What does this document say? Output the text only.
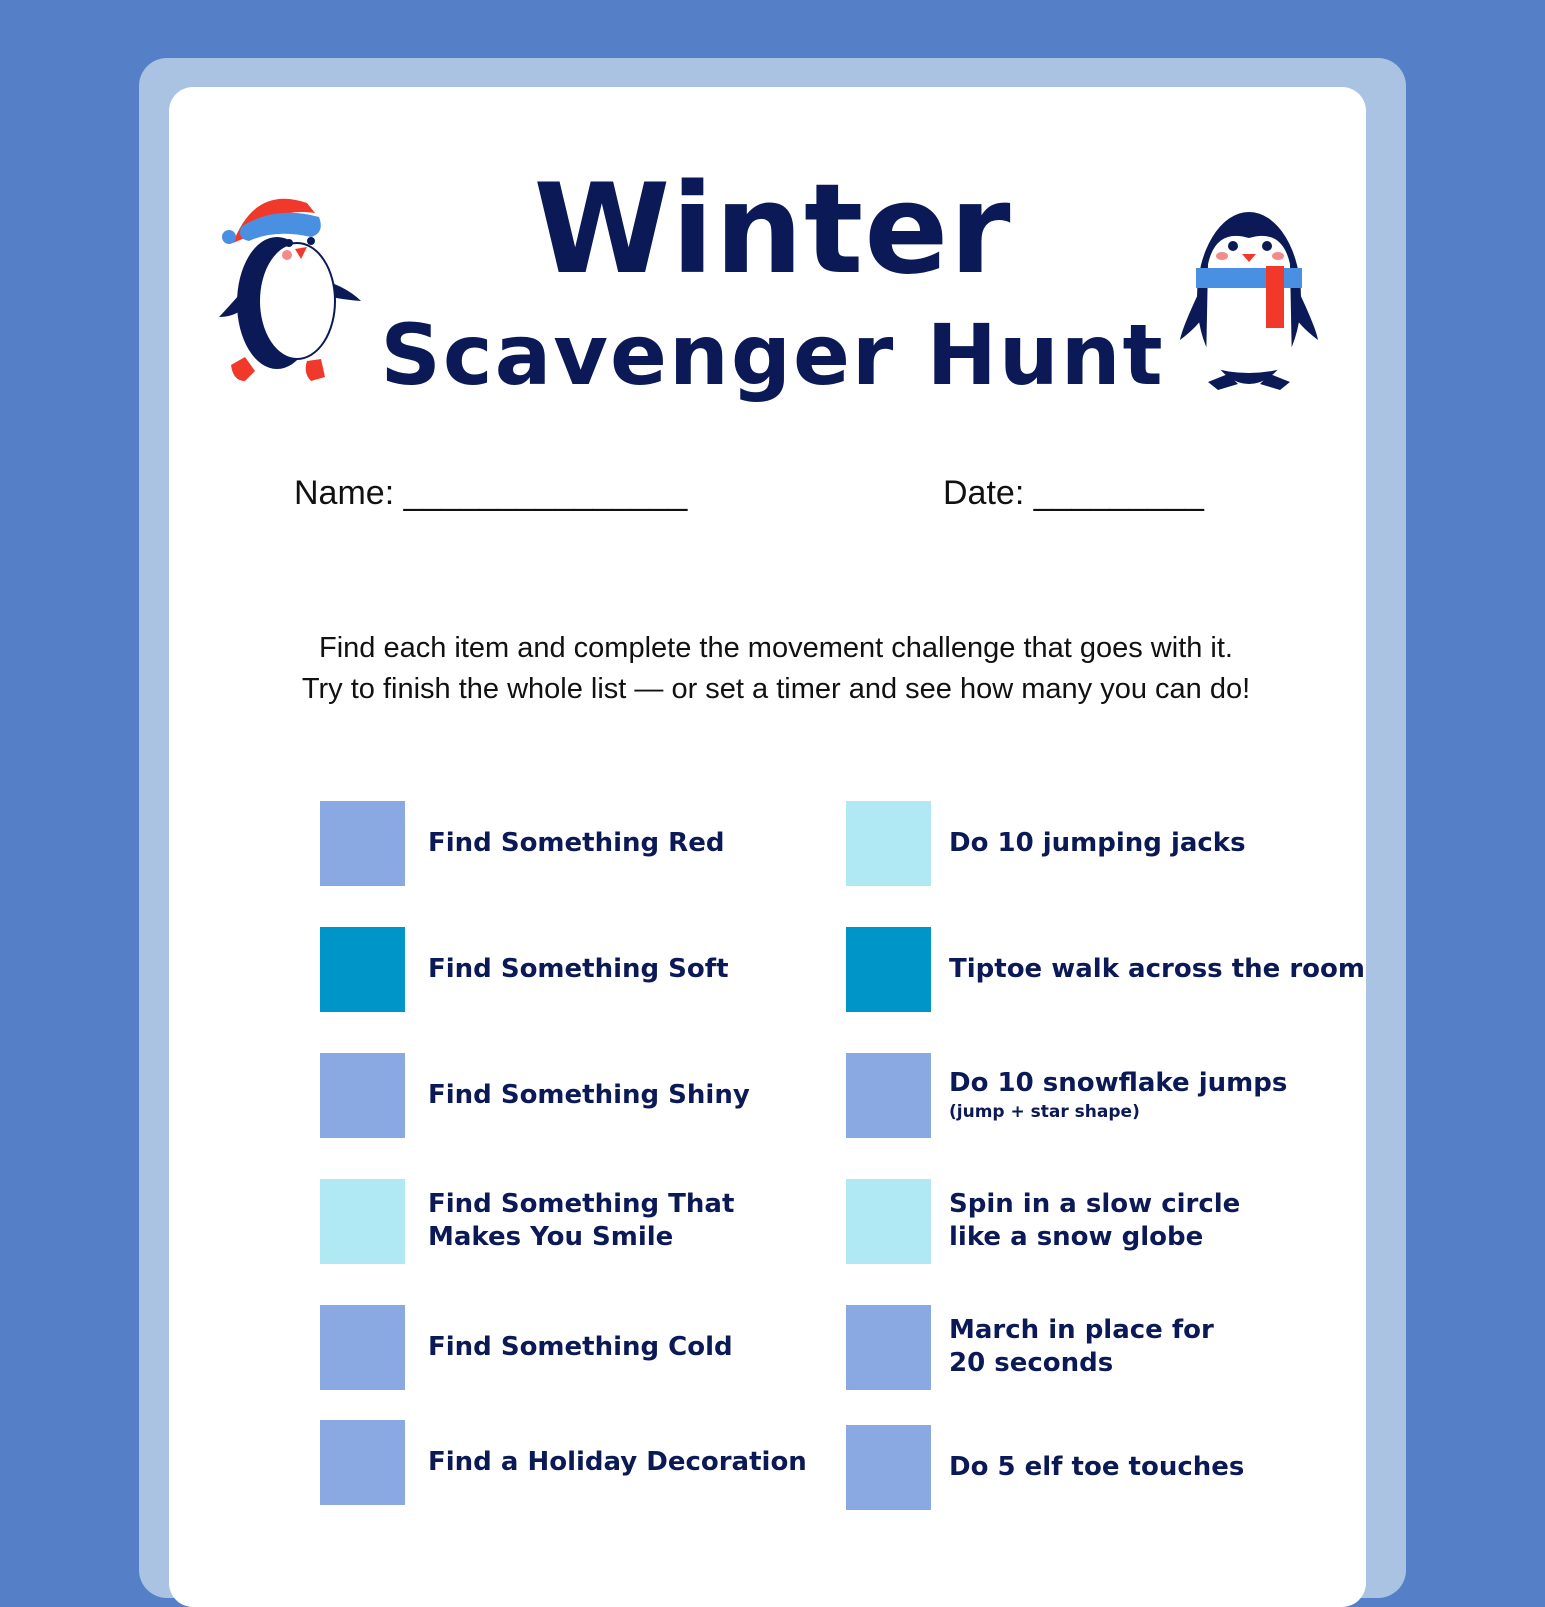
Winter
Scavenger Hunt
Name: _______________	Date: _________
Find each item and complete the movement challenge that goes with it.
Try to finish the whole list — or set a timer and see how many you can do!
Find Something Red
Find Something Soft
Find Something Shiny
Find Something That
Makes You Smile
Find Something Cold
Find a Holiday Decoration
Do 10 jumping jacks
Tiptoe walk across the room
Do 10 snowflake jumps
(jump + star shape)
Spin in a slow circle
like a snow globe
March in place for
20 seconds
Do 5 elf toe touches
